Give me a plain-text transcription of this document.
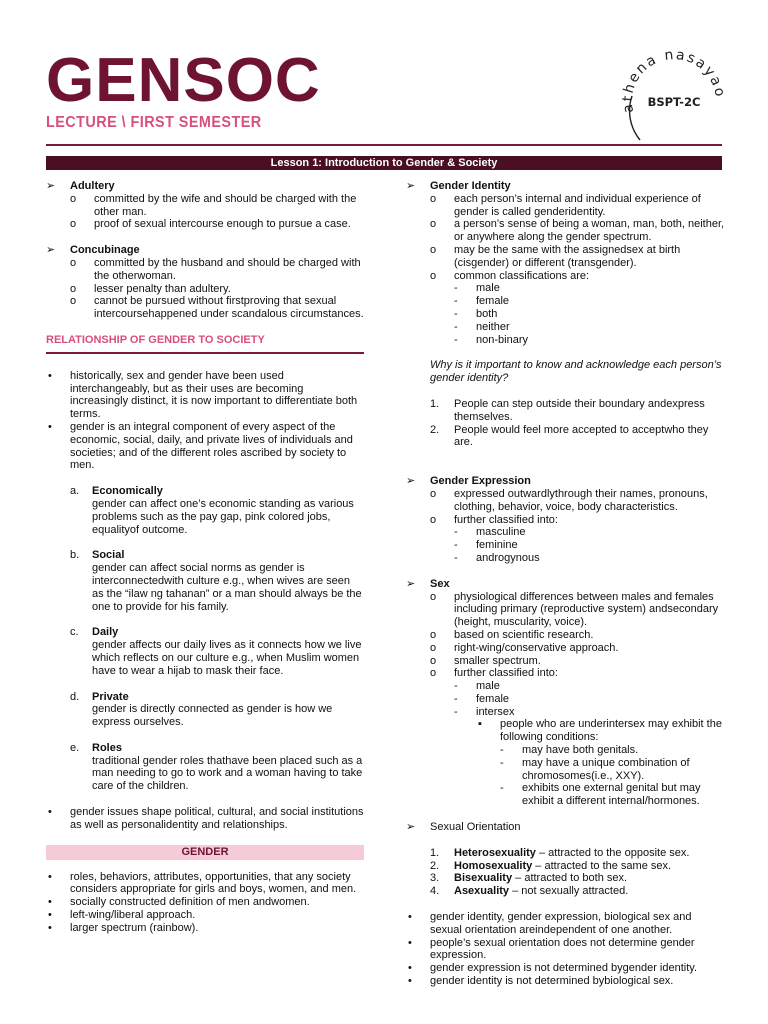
GENSOC
LECTURE \ FIRST SEMESTER
athena nasayao
BSPT-2C
Lesson 1: Introduction to Gender & Society
➢ Adultery
o committed by the wife and should be charged with the other man.
o proof of sexual intercourse enough to pursue a case.
➢ Concubinage
o committed by the husband and should be charged with the otherwoman.
o lesser penalty than adultery.
o cannot be pursued without firstproving that sexual intercoursehappened under scandalous circumstances.
RELATIONSHIP OF GENDER TO SOCIETY
• historically, sex and gender have been used interchangeably, but as their uses are becoming increasingly distinct, it is now important to differentiate both terms.
• gender is an integral component of every aspect of the economic, social, daily, and private lives of individuals and societies; and of the different roles ascribed by society to men.
a. Economically
gender can affect one’s economic standing as various problems such as the pay gap, pink colored jobs, equalityof outcome.
b. Social
gender can affect social norms as gender is interconnectedwith culture e.g., when wives are seen as the “ilaw ng tahanan” or a man should always be the one to provide for his family.
c. Daily
gender affects our daily lives as it connects how we live which reflects on our culture e.g., when Muslim women have to wear a hijab to mask their face.
d. Private
gender is directly connected as gender is how we express ourselves.
e. Roles
traditional gender roles thathave been placed such as a man needing to go to work and a woman having to take care of the children.
• gender issues shape political, cultural, and social institutions as well as personalidentity and relationships.
GENDER
• roles, behaviors, attributes, opportunities, that any society considers appropriate for girls and boys, women, and men.
• socially constructed definition of men andwomen.
• left-wing/liberal approach.
• larger spectrum (rainbow).
➢ Gender Identity
o each person’s internal and individual experience of gender is called genderidentity.
o a person’s sense of being a woman, man, both, neither, or anywhere along the gender spectrum.
o may be the same with the assignedsex at birth (cisgender) or different (transgender).
o common classifications are:
- male
- female
- both
- neither
- non-binary
Why is it important to know and acknowledge each person’s gender identity?
1. People can step outside their boundary andexpress themselves.
2. People would feel more accepted to acceptwho they are.
➢ Gender Expression
o expressed outwardlythrough their names, pronouns, clothing, behavior, voice, body characteristics.
o further classified into:
- masculine
- feminine
- androgynous
➢ Sex
o physiological differences between males and females including primary (reproductive system) andsecondary (height, muscularity, voice).
o based on scientific research.
o right-wing/conservative approach.
o smaller spectrum.
o further classified into:
- male
- female
- intersex
▪ people who are underintersex may exhibit the following conditions:
- may have both genitals.
- may have a unique combination of chromosomes(i.e., XXY).
- exhibits one external genital but may exhibit a different internal/hormones.
➢ Sexual Orientation
1. Heterosexuality – attracted to the opposite sex.
2. Homosexuality – attracted to the same sex.
3. Bisexuality – attracted to both sex.
4. Asexuality – not sexually attracted.
• gender identity, gender expression, biological sex and sexual orientation areindependent of one another.
• people’s sexual orientation does not determine gender expression.
• gender expression is not determined bygender identity.
• gender identity is not determined bybiological sex.
